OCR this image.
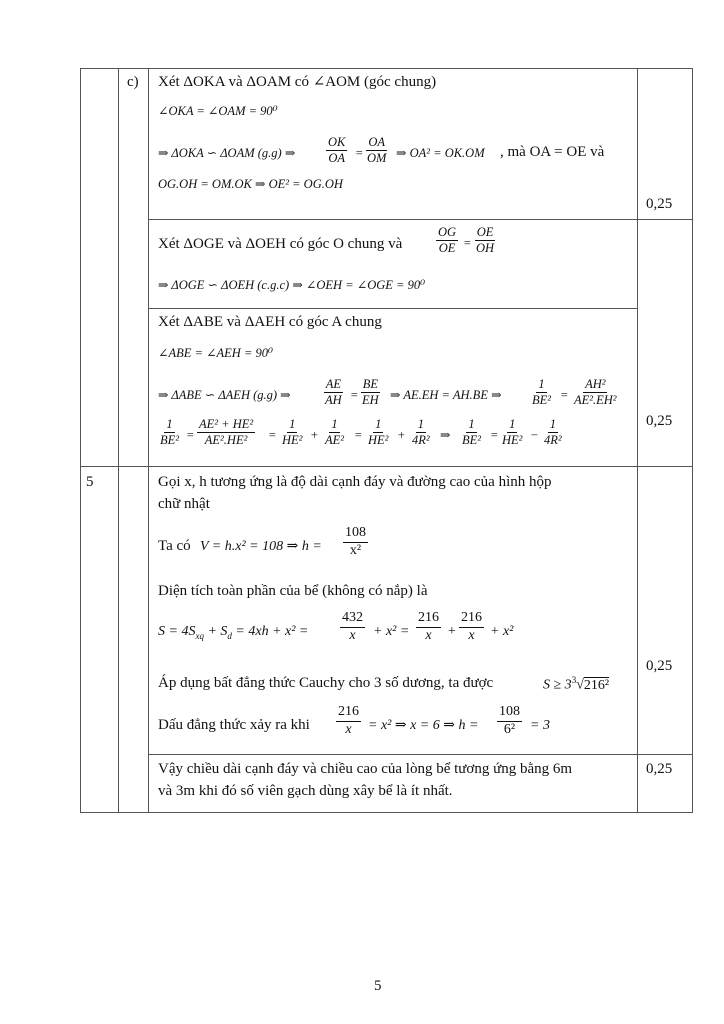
c) Xét ΔOKA và ΔOAM có ∠AOM (góc chung)
∠OKA = ∠OAM = 90⁰
⇒ ΔOKA ∽ ΔOAM (g.g) ⇒
OK
OA =
OA
OM ⇒ OA² = OK.OM , mà OA = OE và
OG.OH = OM.OK ⇒ OE² = OG.OH
0,25
Xét ΔOGE và ΔOEH có góc O chung và
OG
OE =
OE
OH
⇒ ΔOGE ∽ ΔOEH (c.g.c) ⇒ ∠OEH = ∠OGE = 90⁰
Xét ΔABE và ΔAEH có góc A chung
∠ABE = ∠AEH = 90⁰
⇒ ΔABE ∽ ΔAEH (g.g) ⇒
AE
AH =
BE
EH ⇒ AE.EH = AH.BE ⇒
1
BE² =
AH²
AE².EH²
1
BE² =
AE² + HE²
AE².HE² =
1
HE² +
1
AE² =
1
HE² +
1
4R² ⇒
1
BE² =
1
HE² −
1
4R²
0,25
5	Gọi x, h tương ứng là độ dài cạnh đáy và đường cao của hình hộp
chữ nhật
Ta có V = h.x² = 108 ⇒ h =
108
x²
Diện tích toàn phần của bể (không có nắp) là
$S = 4S_{xq} + S_d = 4xh + x^2$ =
432
x + x² =
216
x +
216
x + x²
Áp dụng bất đẳng thức Cauchy cho 3 số dương, ta được	$S \ge 3^3√216^2$
0,25
Dấu đẳng thức xảy ra khi
216
x = x² ⇒ x = 6 ⇒ h =
108
6² = 3
Vậy chiều dài cạnh đáy và chiều cao của lòng bể tương ứng bằng 6m
và 3m khi đó số viên gạch dùng xây bể là ít nhất.
0,25
5
